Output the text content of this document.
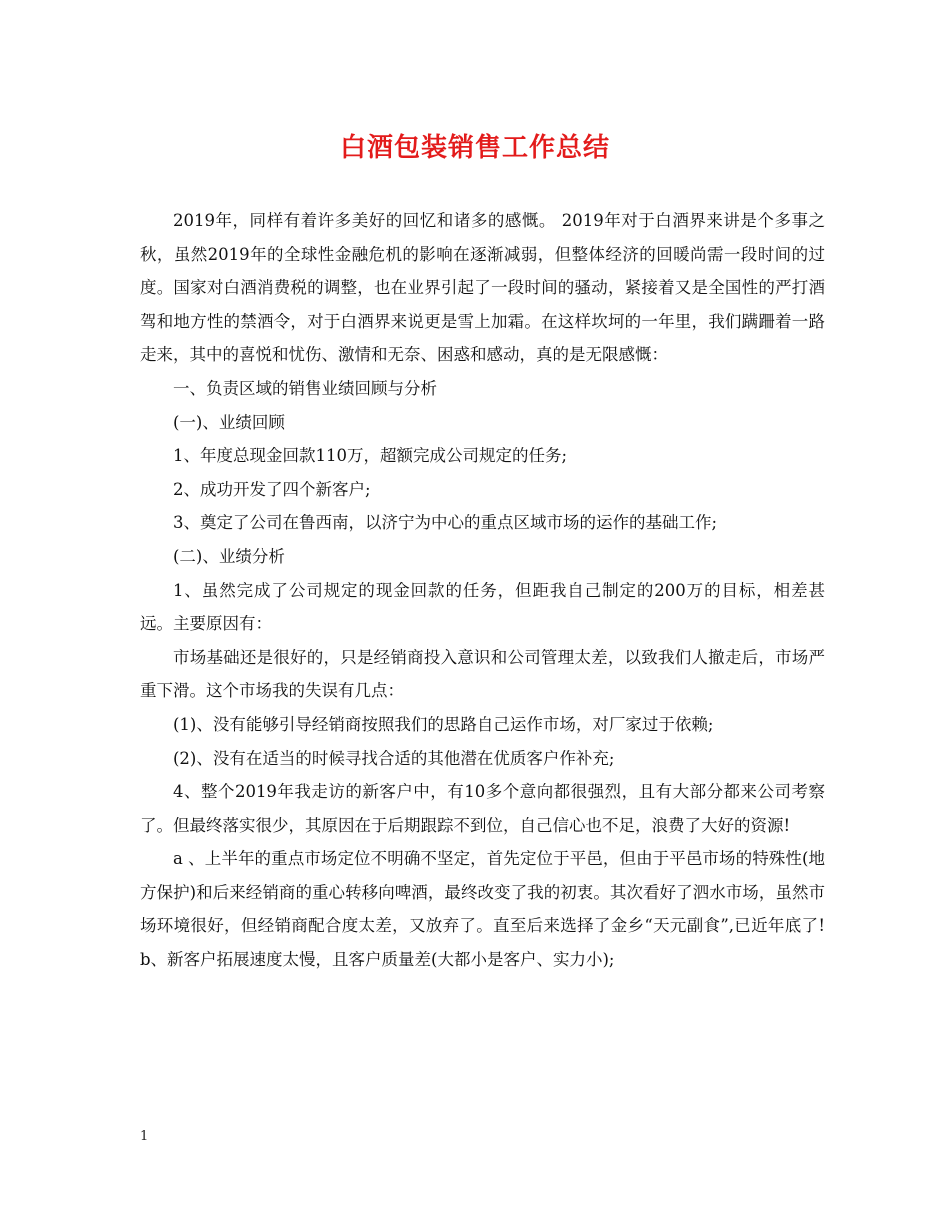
白酒包装销售工作总结

2019年，同样有着许多美好的回忆和诸多的感慨。 2019年对于白酒界来讲是个多事之秋，虽然2019年的全球性金融危机的影响在逐渐减弱，但整体经济的回暖尚需一段时间的过度。国家对白酒消费税的调整，也在业界引起了一段时间的骚动，紧接着又是全国性的严打酒驾和地方性的禁酒令，对于白酒界来说更是雪上加霜。在这样坎坷的一年里，我们蹒跚着一路走来，其中的喜悦和忧伤、激情和无奈、困惑和感动，真的是无限感慨：

一、负责区域的销售业绩回顾与分析

(一)、业绩回顾

1、年度总现金回款110万，超额完成公司规定的任务;

2、成功开发了四个新客户;

3、奠定了公司在鲁西南，以济宁为中心的重点区域市场的运作的基础工作;

(二)、业绩分析

1、虽然完成了公司规定的现金回款的任务，但距我自己制定的200万的目标，相差甚远。主要原因有：

市场基础还是很好的，只是经销商投入意识和公司管理太差，以致我们人撤走后，市场严重下滑。这个市场我的失误有几点：

(1)、没有能够引导经销商按照我们的思路自己运作市场，对厂家过于依赖;

(2)、没有在适当的时候寻找合适的其他潜在优质客户作补充;

4、整个2019年我走访的新客户中，有10多个意向都很强烈，且有大部分都来公司考察了。但最终落实很少，其原因在于后期跟踪不到位，自己信心也不足，浪费了大好的资源!

a 、上半年的重点市场定位不明确不坚定，首先定位于平邑，但由于平邑市场的特殊性(地方保护)和后来经销商的重心转移向啤酒，最终改变了我的初衷。其次看好了泗水市场，虽然市场环境很好，但经销商配合度太差，又放弃了。直至后来选择了金乡“天元副食”,已近年底了! b、新客户拓展速度太慢，且客户质量差(大都小是客户、实力小);

1
